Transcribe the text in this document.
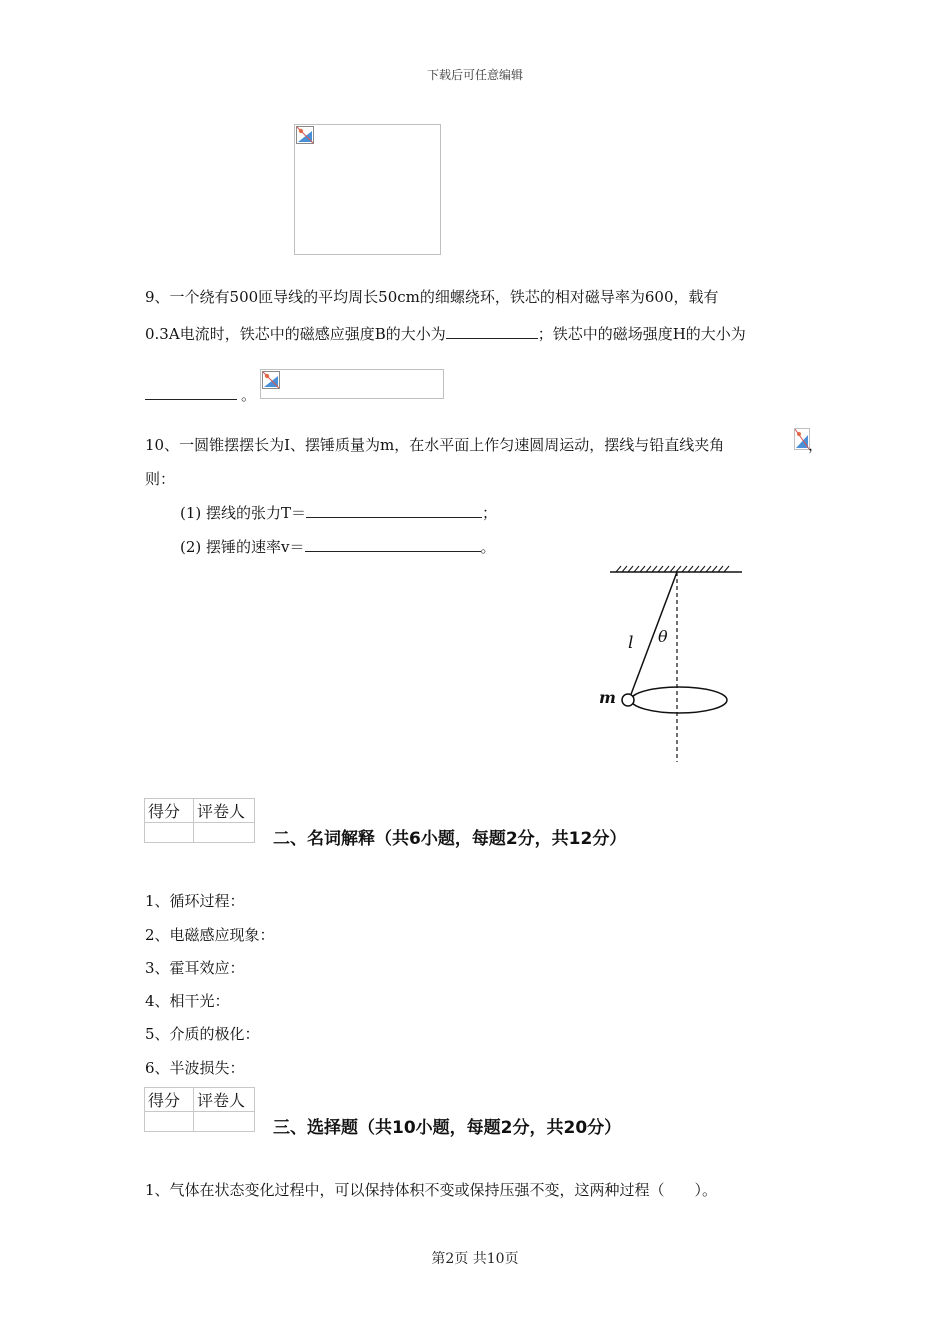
下载后可任意编辑
9、一个绕有500匝导线的平均周长50cm的细螺绕环，铁芯的相对磁导率为600，载有
0.3A电流时，铁芯中的磁感应强度B的大小为	；铁芯中的磁场强度H的大小为
。
10、一圆锥摆摆长为I、摆锤质量为m，在水平面上作匀速圆周运动，摆线与铅直线夹角	，
则：
(1) 摆线的张力T＝	；
(2) 摆锤的速率v＝	。
l θ
m
得分	评卷人

二、名词解释（共6小题，每题2分，共12分）
1、循环过程：
2、电磁感应现象：
3、霍耳效应：
4、相干光：
5、介质的极化：
6、半波损失：
得分	评卷人

三、选择题（共10小题，每题2分，共20分）
1、气体在状态变化过程中，可以保持体积不变或保持压强不变，这两种过程（　　）。
第2页 共10页
